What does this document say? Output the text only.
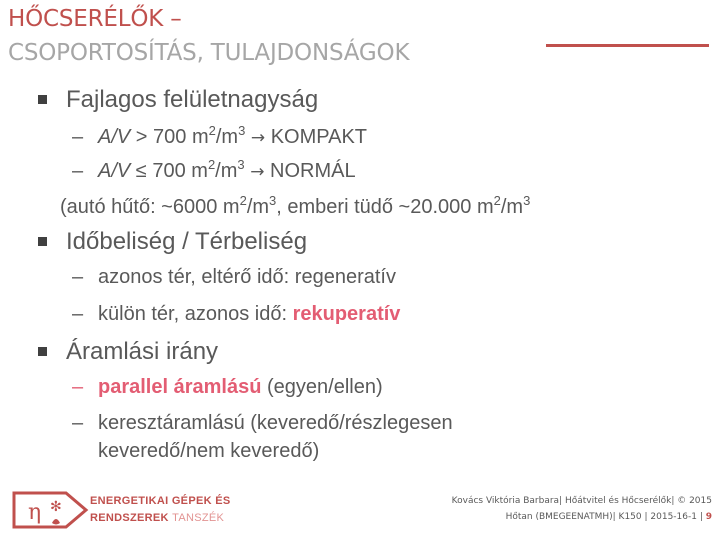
HŐCSERÉLŐK –
CSOPORTOSÍTÁS, TULAJDONSÁGOK
Fajlagos felületnagyság
– A/V > 700 $m^2/m^3$ → KOMPAKT
– A/V ≤ 700 $m^2/m^3$ → NORMÁL
(autó hűtő: ~6000 $m^2/m^3$, emberi tüdő ~20.000 $m^2/m^3$
Időbeliség / Térbeliség
– azonos tér, eltérő idő: regeneratív
– külön tér, azonos idő: rekuperatív
Áramlási irány
– parallel áramlású (egyen/ellen)
– keresztáramlású (keveredő/részlegesen
keveredő/nem keveredő)
η ✻	ENERGETIKAI GÉPEK ÉS
RENDSZEREK TANSZÉK
Kovács Viktória Barbara| Hőátvitel és Hőcserélők| © 2015
Hőtan (BMEGEENATMH)| K150 | 2015-16-1 | 9
